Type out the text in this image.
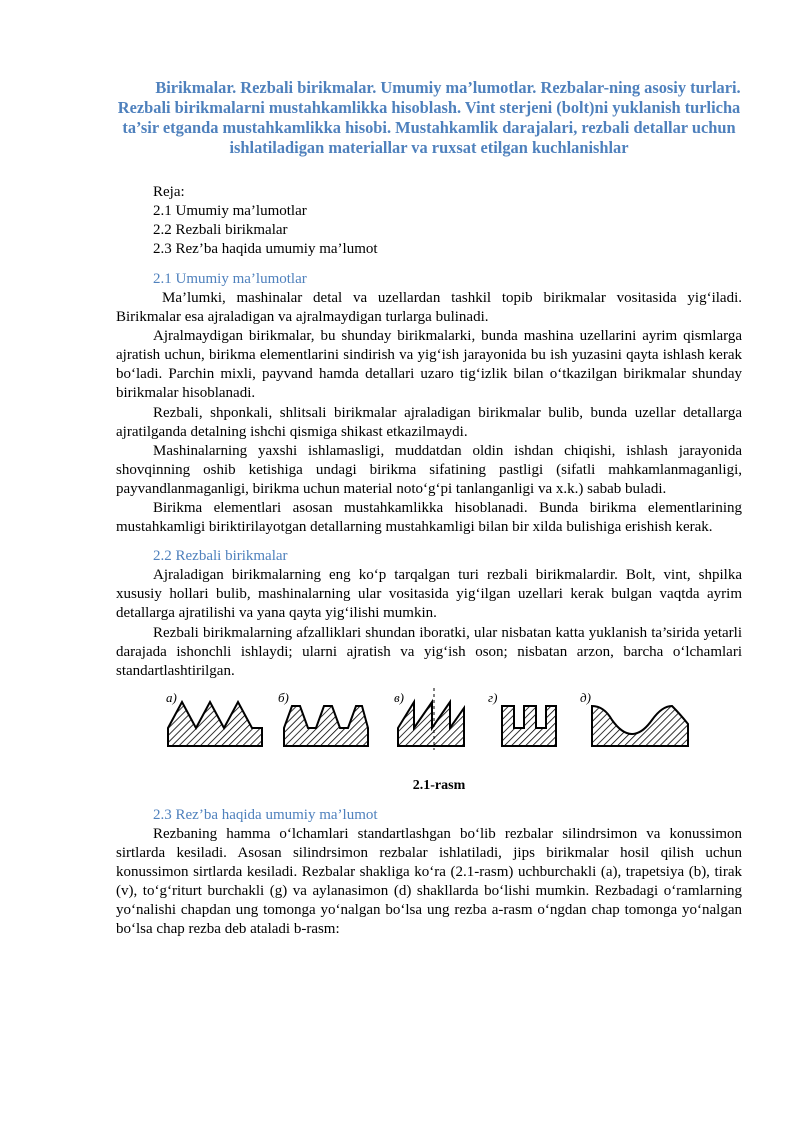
Birikmalar. Rezbali birikmalar. Umumiy ma’lumotlar. Rezbalar-ning asosiy turlari. Rezbali birikmalarni mustahkamlikka hisoblash. Vint sterjeni (bolt)ni yuklanish turlicha ta’sir etganda mustahkamlikka hisobi. Mustahkamlik darajalari, rezbali detallar uchun ishlatiladigan materiallar va ruxsat etilgan kuchlanishlar
Reja:
2.1 Umumiy ma’lumotlar
2.2 Rezbali birikmalar
2.3 Rez’ba haqida umumiy ma’lumot
2.1 Umumiy ma’lumotlar

Ma’lumki, mashinalar detal va uzellardan tashkil topib birikmalar vositasida yig‘iladi. Birikmalar esa ajraladigan va ajralmaydigan turlarga bulinadi.

Ajralmaydigan birikmalar, bu shunday birikmalarki, bunda mashina uzellarini ayrim qismlarga ajratish uchun, birikma elementlarini sindirish va yig‘ish jarayonida bu ish yuzasini qayta ishlash kerak bo‘ladi. Parchin mixli, payvand hamda detallari uzaro tig‘izlik bilan o‘tkazilgan birikmalar shunday birikmalar hisoblanadi.

Rezbali, shponkali, shlitsali birikmalar ajraladigan birikmalar bulib, bunda uzellar detallarga ajratilganda detalning ishchi qismiga shikast etkazilmaydi.

Mashinalarning yaxshi ishlamasligi, muddatdan oldin ishdan chiqishi, ishlash jarayonida shovqinning oshib ketishiga undagi birikma sifatining pastligi (sifatli mahkamlanmaganligi, payvandlanmaganligi, birikma uchun material noto‘g‘pi tanlanganligi va x.k.) sabab buladi.

Birikma elementlari asosan mustahkamlikka hisoblanadi. Bunda birikma elementlarining mustahkamligi biriktirilayotgan detallarning mustahkamligi bilan bir xilda bulishiga erishish kerak.

2.2 Rezbali birikmalar

Ajraladigan birikmalarning eng ko‘p tarqalgan turi rezbali birikmalardir. Bolt, vint, shpilka xususiy hollari bulib, mashinalarning ular vositasida yig‘ilgan uzellari kerak bulgan vaqtda ayrim detallarga ajratilishi va yana qayta yig‘ilishi mumkin.

Rezbali birikmalarning afzalliklari shundan iboratki, ular nisbatan katta yuklanish ta’sirida yetarli darajada ishonchli ishlaydi; ularni ajratish va yig‘ish oson; nisbatan arzon, barcha o‘lchamlari standartlashtirilgan.

a)	б)	в)	г)	д)
2.1-rasm
2.3 Rez’ba haqida umumiy ma’lumot

Rezbaning hamma o‘lchamlari standartlashgan bo‘lib rezbalar silindrsimon va konussimon sirtlarda kesiladi. Asosan silindrsimon rezbalar ishlatiladi, jips birikmalar hosil qilish uchun konussimon sirtlarda kesiladi. Rezbalar shakliga ko‘ra (2.1-rasm) uchburchakli (a), trapetsiya (b), tirak (v), to‘g‘riturt burchakli (g) va aylanasimon (d) shakllarda bo‘lishi mumkin. Rezbadagi o‘ramlarning yo‘nalishi chapdan ung tomonga yo‘nalgan bo‘lsa ung rezba a-rasm o‘ngdan chap tomonga yo‘nalgan bo‘lsa chap rezba deb ataladi b-rasm:
